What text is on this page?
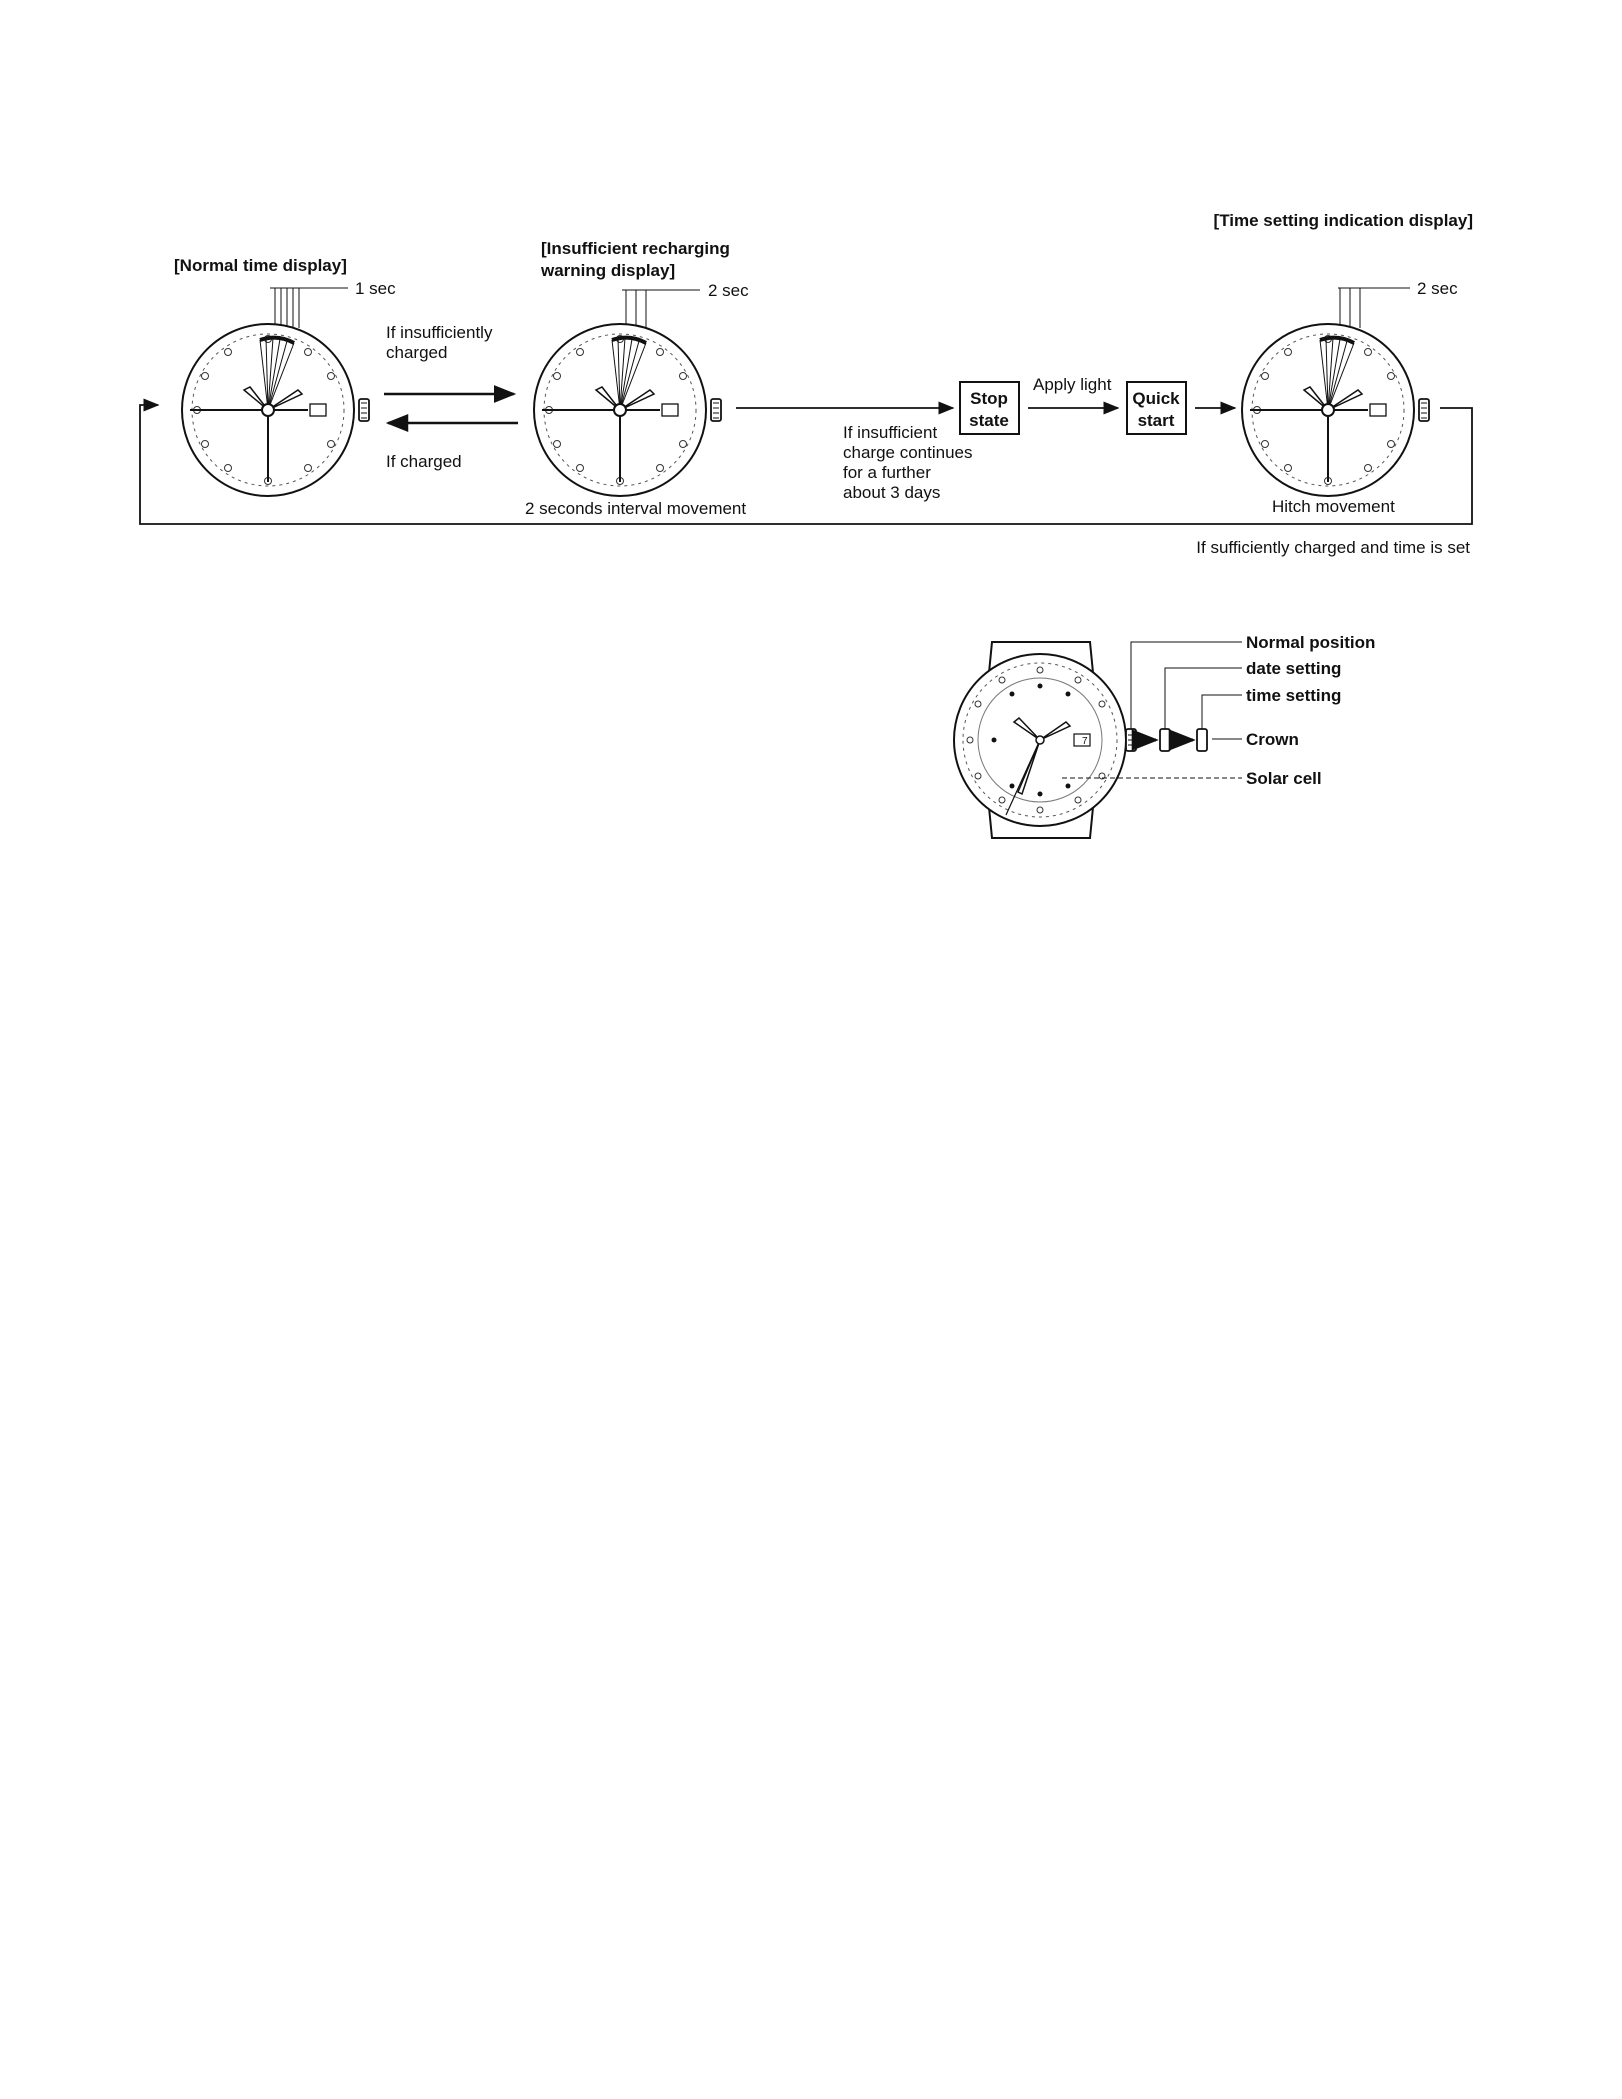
[Normal time display]
1 sec
If insufficiently
charged
If charged
[Insufficient recharging
warning display]
2 sec
2 seconds interval movement
If insufficient
charge continues
for a further
about 3 days
Stop
state
Apply light
Quick
start
[Time setting indication display]
2 sec
Hitch movement
If sufficiently charged and time is set
7
Normal position
date setting
time setting
Crown
Solar cell
